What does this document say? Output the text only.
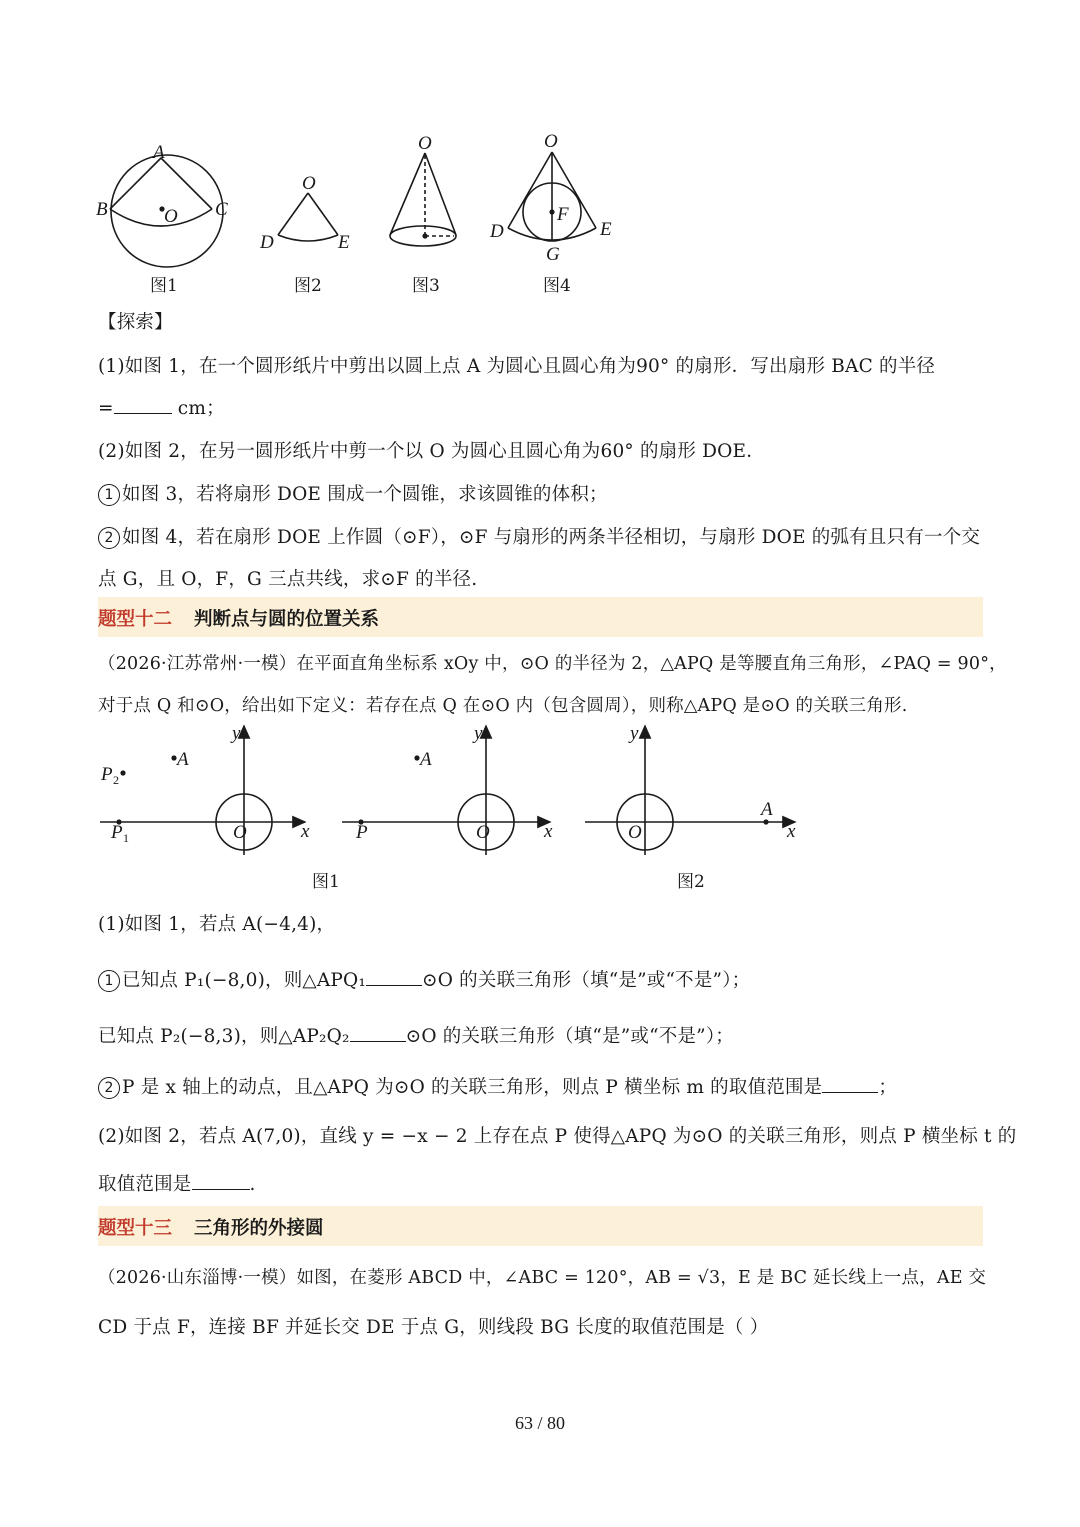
A
B	C
O
图1
O
D	E
图2
O
图3
O
F
D	E
G
图4
【探索】
(1)如图 1，在一个圆形纸片中剪出以圆上点 A 为圆心且圆心角为90° 的扇形．写出扇形 BAC 的半径
=	cm；
(2)如图 2，在另一圆形纸片中剪一个以 O 为圆心且圆心角为60° 的扇形 DOE．
1 如图 3，若将扇形 DOE 围成一个圆锥，求该圆锥的体积；
2 如图 4，若在扇形 DOE 上作圆（⊙F），⊙F 与扇形的两条半径相切，与扇形 DOE 的弧有且只有一个交
点 G，且 O，F，G 三点共线，求⊙F 的半径.
题型十二 判断点与圆的位置关系
（2026·江苏常州·一模）在平面直角坐标系 xOy 中，⊙O 的半径为 2，△APQ 是等腰直角三角形，∠PAQ = 90°，
对于点 Q 和⊙O，给出如下定义：若存在点 Q 在⊙O 内（包含圆周），则称△APQ 是⊙O 的关联三角形.
y
x
O
A
P 2
P 1
y
x
O
A
P
y
x
O
A
图1	图2
(1)如图 1，若点 A(−4,4)，
1 已知点 P₁(−8,0)，则△APQ₁	⊙O 的关联三角形（填“是”或“不是”）；
已知点 P₂(−8,3)，则△AP₂Q₂	⊙O 的关联三角形（填“是”或“不是”）；
2 P 是 x 轴上的动点，且△APQ 为⊙O 的关联三角形，则点 P 横坐标 m 的取值范围是	；
(2)如图 2，若点 A(7,0)，直线 y = −x − 2 上存在点 P 使得△APQ 为⊙O 的关联三角形，则点 P 横坐标 t 的
取值范围是	.
题型十三 三角形的外接圆
（2026·山东淄博·一模）如图，在菱形 ABCD 中，∠ABC = 120°，AB = √3，E 是 BC 延长线上一点，AE 交
CD 于点 F，连接 BF 并延长交 DE 于点 G，则线段 BG 长度的取值范围是（ ）
63 / 80
